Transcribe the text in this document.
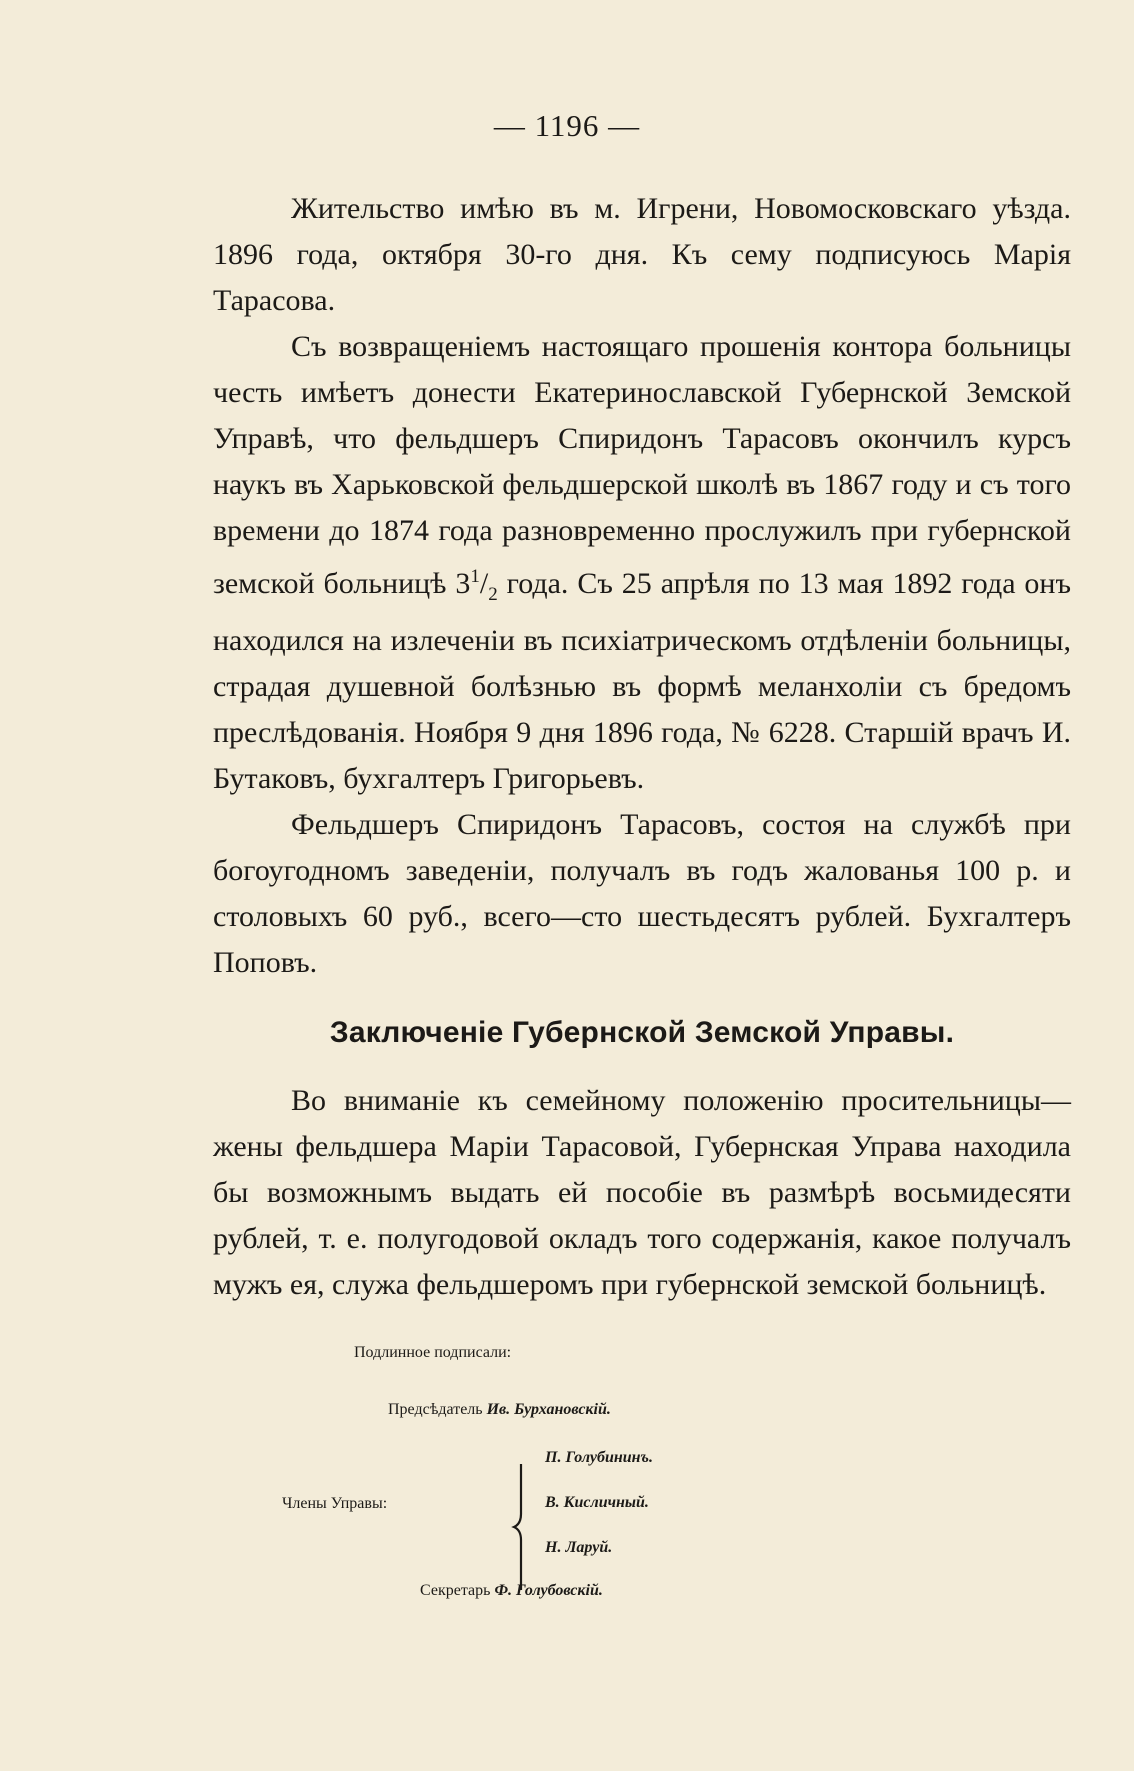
— 1196 —

Жительство имѣю въ м. Игрени, Новомосковскаго уѣзда. 1896 года, октября 30-го дня. Къ сему подписуюсь Марія Тарасова.

Съ возвращеніемъ настоящаго прошенія контора больницы честь имѣетъ донести Екатеринославской Губернской Земской Управѣ, что фельдшеръ Спиридонъ Тарасовъ окончилъ курсъ наукъ въ Харьковской фельдшерской школѣ въ 1867 году и съ того времени до 1874 года разновременно прослужилъ при губернской земской больницѣ $3^1/_2$ года. Съ 25 апрѣля по 13 мая 1892 года онъ находился на излеченіи въ психіатрическомъ отдѣленіи больницы, страдая душевной болѣзнью въ формѣ меланхоліи съ бредомъ преслѣдованія. Ноября 9 дня 1896 года, № 6228. Старшій врачъ И. Бутаковъ, бухгалтеръ Григорьевъ.

Фельдшеръ Спиридонъ Тарасовъ, состоя на службѣ при богоугодномъ заведеніи, получалъ въ годъ жалованья 100 р. и столовыхъ 60 руб., всего—сто шестьдесятъ рублей. Бухгалтеръ Поповъ.

Заключеніе Губернской Земской Управы.

Во вниманіе къ семейному положенію просительницы—жены фельдшера Маріи Тарасовой, Губернская Управа находила бы возможнымъ выдать ей пособіе въ размѣрѣ восьмидесяти рублей, т. е. полугодовой окладъ того содержанія, какое получалъ мужъ ея, служа фельдшеромъ при губернской земской больницѣ.

Подлинное подписали:
Предсѣдатель Ив. Бурхановскій.
Члены Управы:
П. Голубининъ.
В. Кисличный.
Н. Ларуй.
Секретарь Ф. Голубовскій.
